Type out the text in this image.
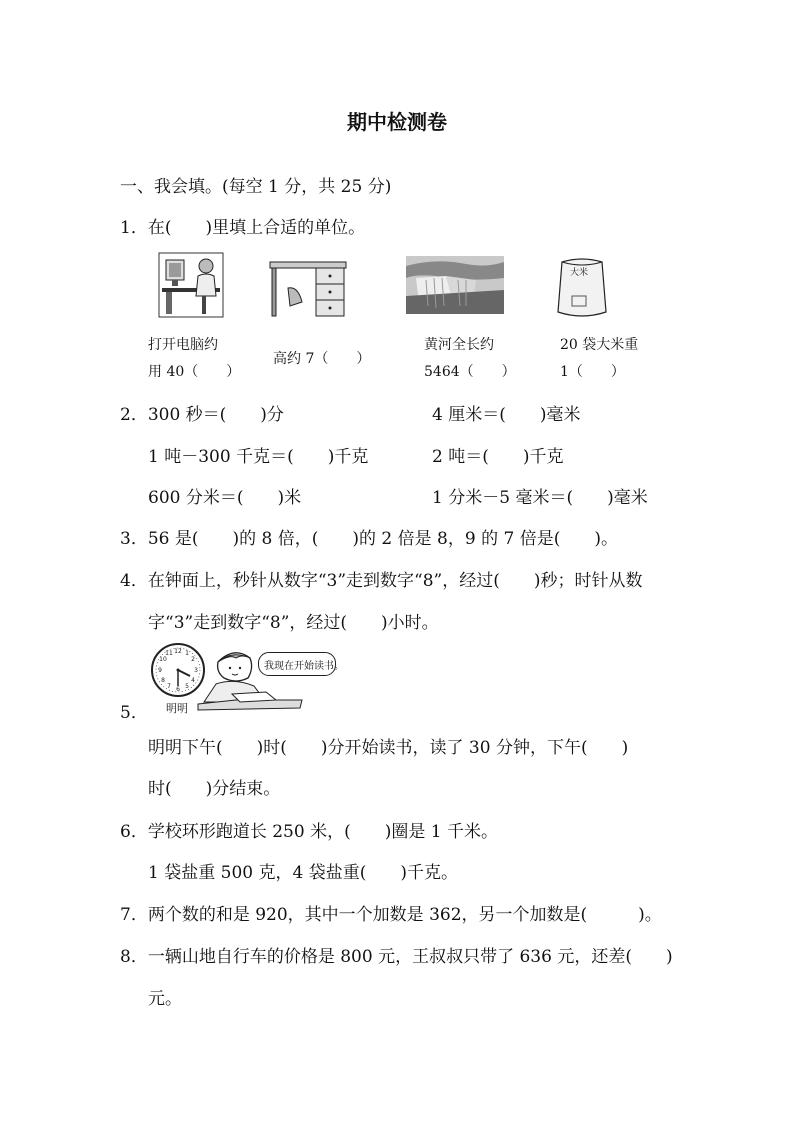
期中检测卷
一、我会填。(每空 1 分，共 25 分)
1．在(　　)里填上合适的单位。
大米
打开电脑约
用 40（　　）
高约 7（　　）
黄河全长约
5464（　　）
20 袋大米重
1（　　）
2．300 秒＝(　　)分	4 厘米＝(　　)毫米
1 吨－300 千克＝(　　)千克	2 吨＝(　　)千克
600 分米＝(　　)米	1 分米－5 毫米＝(　　)毫米
3．56 是(　　)的 8 倍，(　　)的 2 倍是 8，9 的 7 倍是(　　)。
4．在钟面上，秒针从数字“3”走到数字“8”，经过(　　)秒；时针从数
字“3”走到数字“8”，经过(　　)小时。
12 1
2
3
4
5
6
7
8
9
10
11
明明
我现在开始读书。
5．
明明下午(　　)时(　　)分开始读书，读了 30 分钟，下午(　　)
时(　　)分结束。
6．学校环形跑道长 250 米，(　　)圈是 1 千米。
1 袋盐重 500 克，4 袋盐重(　　)千克。
7．两个数的和是 920，其中一个加数是 362，另一个加数是(　　　)。
8．一辆山地自行车的价格是 800 元，王叔叔只带了 636 元，还差(　　)
元。
